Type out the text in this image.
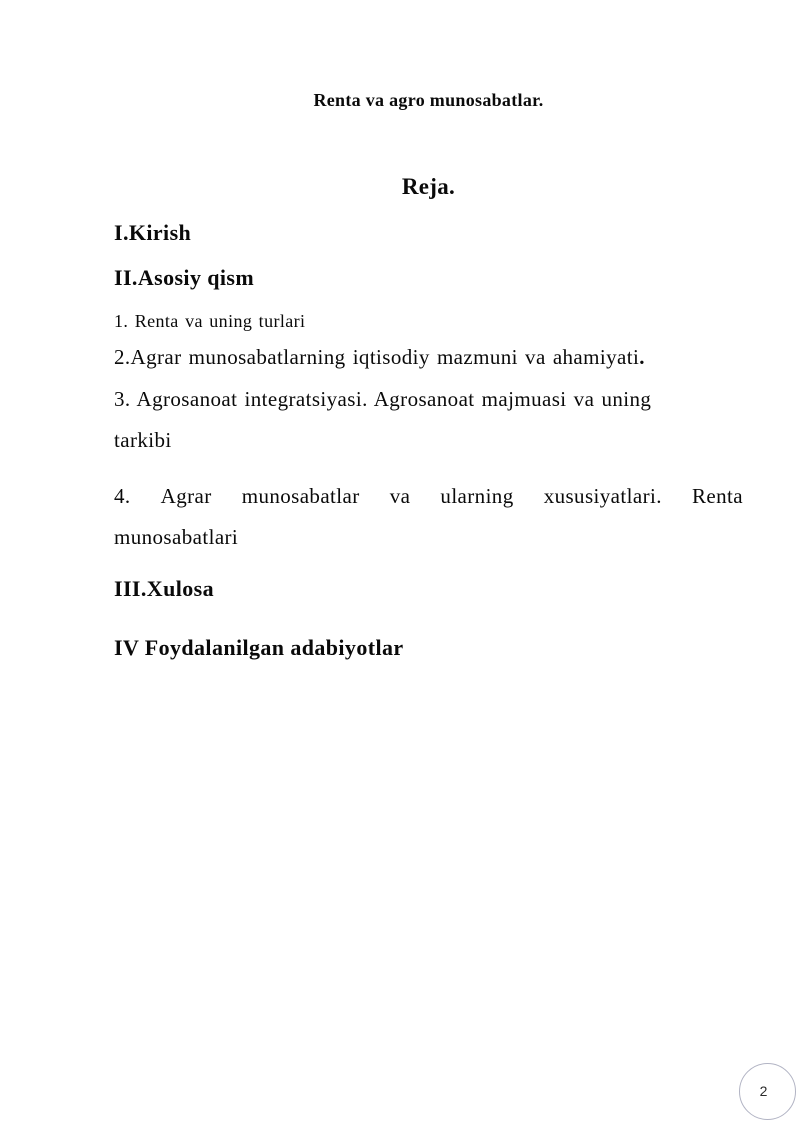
Renta va agro munosabatlar.
Reja.
I.Kirish
II.Asosiy qism
1. Renta va uning turlari
2.Agrar munosabatlarning iqtisodiy mazmuni va ahamiyati.
3. Agrosanoat integratsiyasi. Agrosanoat majmuasi va uning
tarkibi
4. Agrar munosabatlar va ularning xususiyatlari. Renta
munosabatlari
III.Xulosa
IV Foydalanilgan adabiyotlar
2
